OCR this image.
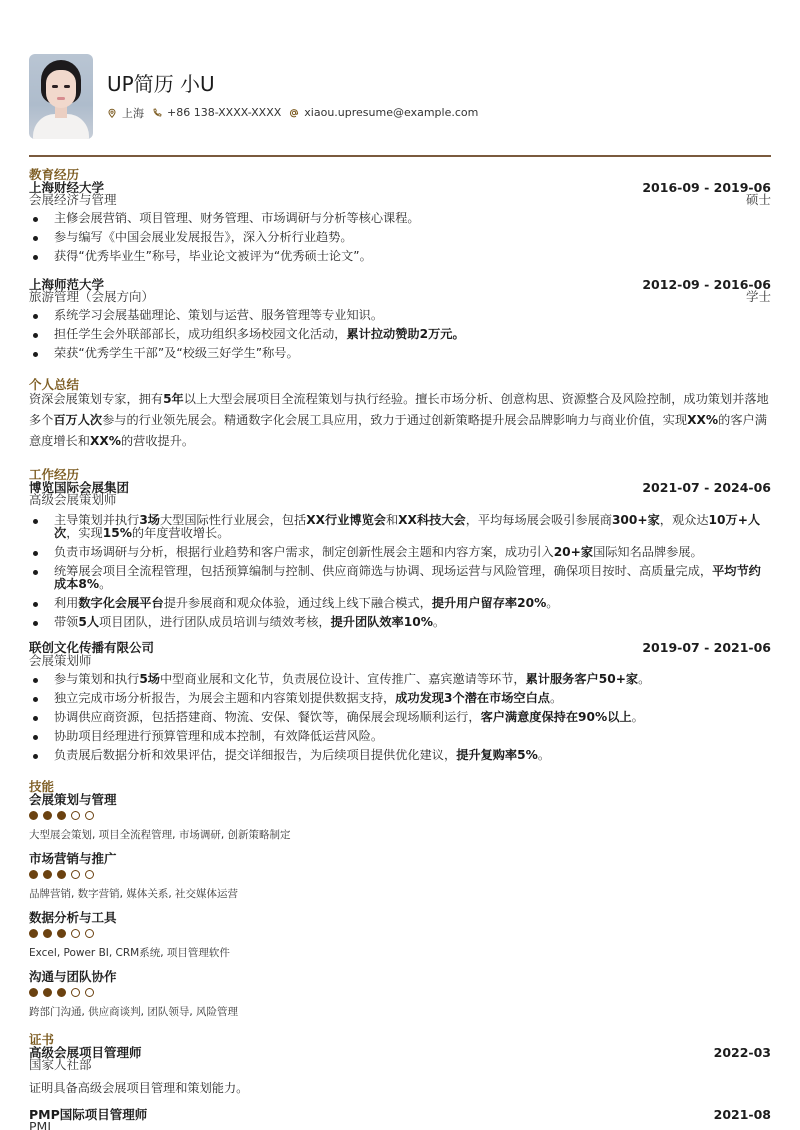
UP简历 小U
上海 +86 138-XXXX-XXXX xiaou.upresume@example.com
教育经历
上海财经大学	2016-09 - 2019-06
会展经济与管理	硕士
主修会展营销、项目管理、财务管理、市场调研与分析等核心课程。
参与编写《中国会展业发展报告》，深入分析行业趋势。
获得“优秀毕业生”称号，毕业论文被评为“优秀硕士论文”。
上海师范大学	2012-09 - 2016-06
旅游管理（会展方向）	学士
系统学习会展基础理论、策划与运营、服务管理等专业知识。
担任学生会外联部部长，成功组织多场校园文化活动，累计拉动赞助2万元。
荣获“优秀学生干部”及“校级三好学生”称号。
个人总结
资深会展策划专家，拥有5年以上大型会展项目全流程策划与执行经验。擅长市场分析、创意构思、资源整合及风险控制，成功策划并落地多个百万人次参与的行业领先展会。精通数字化会展工具应用，致力于通过创新策略提升展会品牌影响力与商业价值，实现XX%的客户满意度增长和XX%的营收提升。
工作经历
博览国际会展集团	2021-07 - 2024-06
高级会展策划师
主导策划并执行3场大型国际性行业展会，包括XX行业博览会和XX科技大会，平均每场展会吸引参展商300+家，观众达10万+人次，实现15%的年度营收增长。
负责市场调研与分析，根据行业趋势和客户需求，制定创新性展会主题和内容方案，成功引入20+家国际知名品牌参展。
统筹展会项目全流程管理，包括预算编制与控制、供应商筛选与协调、现场运营与风险管理，确保项目按时、高质量完成，平均节约成本8%。
利用数字化会展平台提升参展商和观众体验，通过线上线下融合模式，提升用户留存率20%。
带领5人项目团队，进行团队成员培训与绩效考核，提升团队效率10%。
联创文化传播有限公司	2019-07 - 2021-06
会展策划师
参与策划和执行5场中型商业展和文化节，负责展位设计、宣传推广、嘉宾邀请等环节，累计服务客户50+家。
独立完成市场分析报告，为展会主题和内容策划提供数据支持，成功发现3个潜在市场空白点。
协调供应商资源，包括搭建商、物流、安保、餐饮等，确保展会现场顺利运行，客户满意度保持在90%以上。
协助项目经理进行预算管理和成本控制，有效降低运营风险。
负责展后数据分析和效果评估，提交详细报告，为后续项目提供优化建议，提升复购率5%。
技能
会展策划与管理
大型展会策划, 项目全流程管理, 市场调研, 创新策略制定
市场营销与推广
品牌营销, 数字营销, 媒体关系, 社交媒体运营
数据分析与工具
Excel, Power BI, CRM系统, 项目管理软件
沟通与团队协作
跨部门沟通, 供应商谈判, 团队领导, 风险管理
证书
高级会展项目管理师	2022-03
国家人社部
证明具备高级会展项目管理和策划能力。
PMP国际项目管理师	2021-08
PMI
